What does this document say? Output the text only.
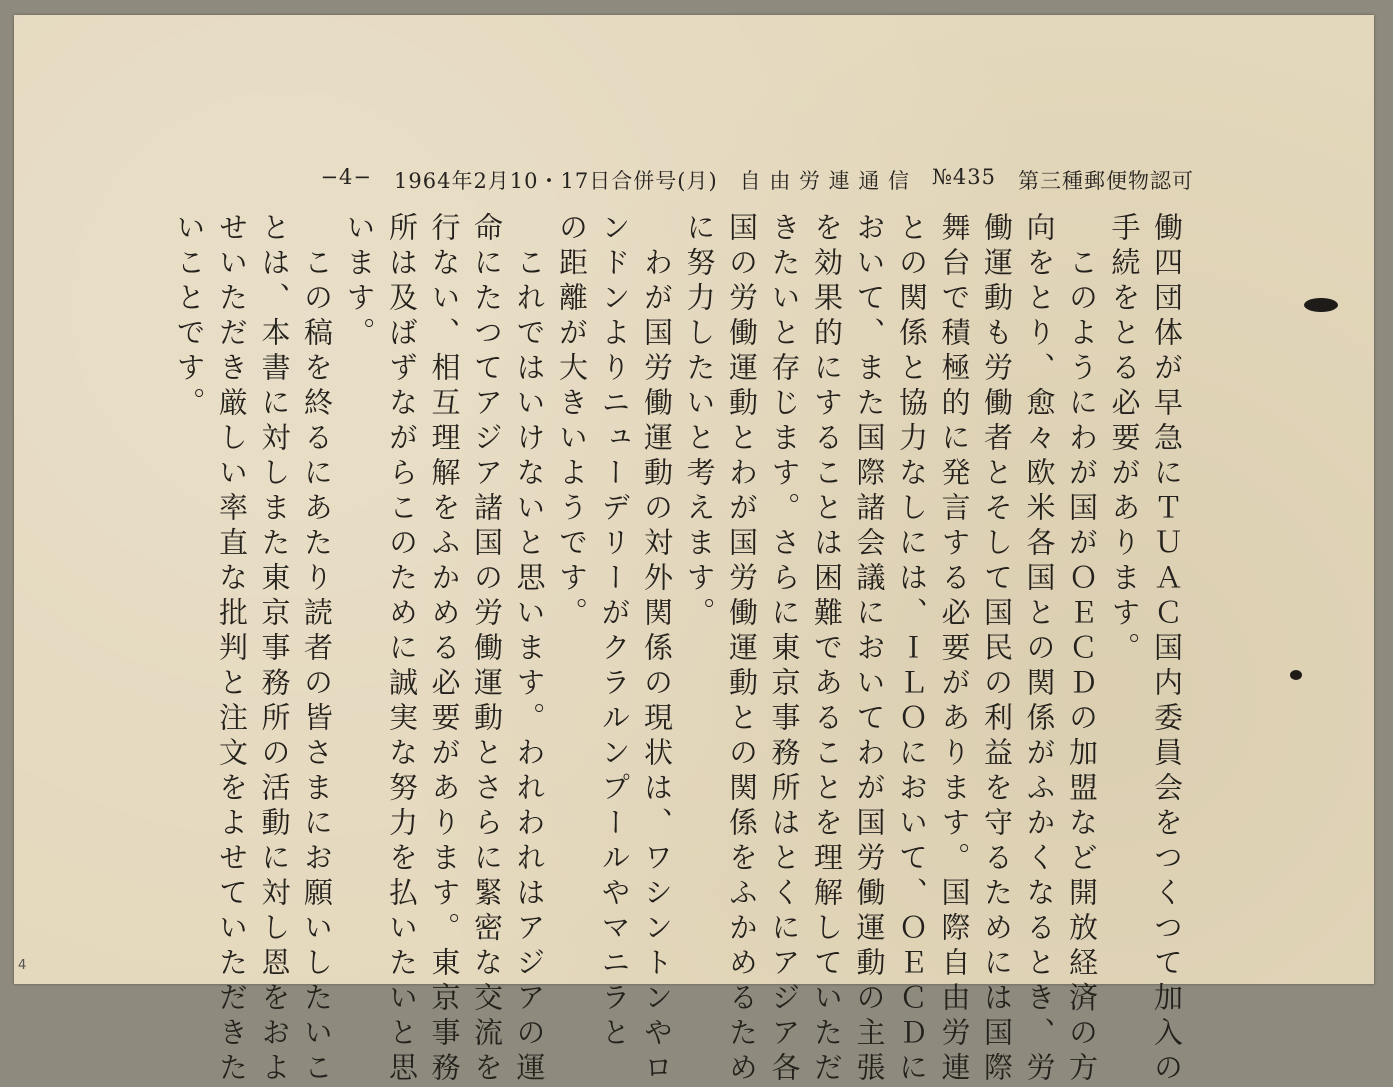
−4− 1964年2月10・17日合併号(月) 自 由 労 連 通 信 №435 第三種郵便物認可

働四団体が早急にＴＵＡＣ国内委員会をつくつて加入の

手続をとる必要があります。

　このようにわが国がＯＥＣＤの加盟など開放経済の方

向をとり、愈々欧米各国との関係がふかくなるとき、労

働運動も労働者とそして国民の利益を守るためには国際

舞台で積極的に発言する必要があります。国際自由労連

との関係と協力なしには、ＩＬＯにおいて、ＯＥＣＤに

おいて、また国際諸会議においてわが国労働運動の主張

を効果的にすることは困難であることを理解していただ

きたいと存じます。さらに東京事務所はとくにアジア各

国の労働運動とわが国労働運動との関係をふかめるため

に努力したいと考えます。

　わが国労働運動の対外関係の現状は、ワシントンやロ

ンドンよりニューデリーがクラルンプールやマニラと

の距離が大きいようです。

　これではいけないと思います。われわれはアジアの運

命にたつてアジア諸国の労働運動とさらに緊密な交流を

行ない、相互理解をふかめる必要があります。東京事務

所は及ばずながらこのために誠実な努力を払いたいと思

います。

　この稿を終るにあたり読者の皆さまにお願いしたいこ

とは、本書に対しまた東京事務所の活動に対し恩をおよ

せいただき厳しい率直な批判と注文をよせていただきた

いことです。

4
